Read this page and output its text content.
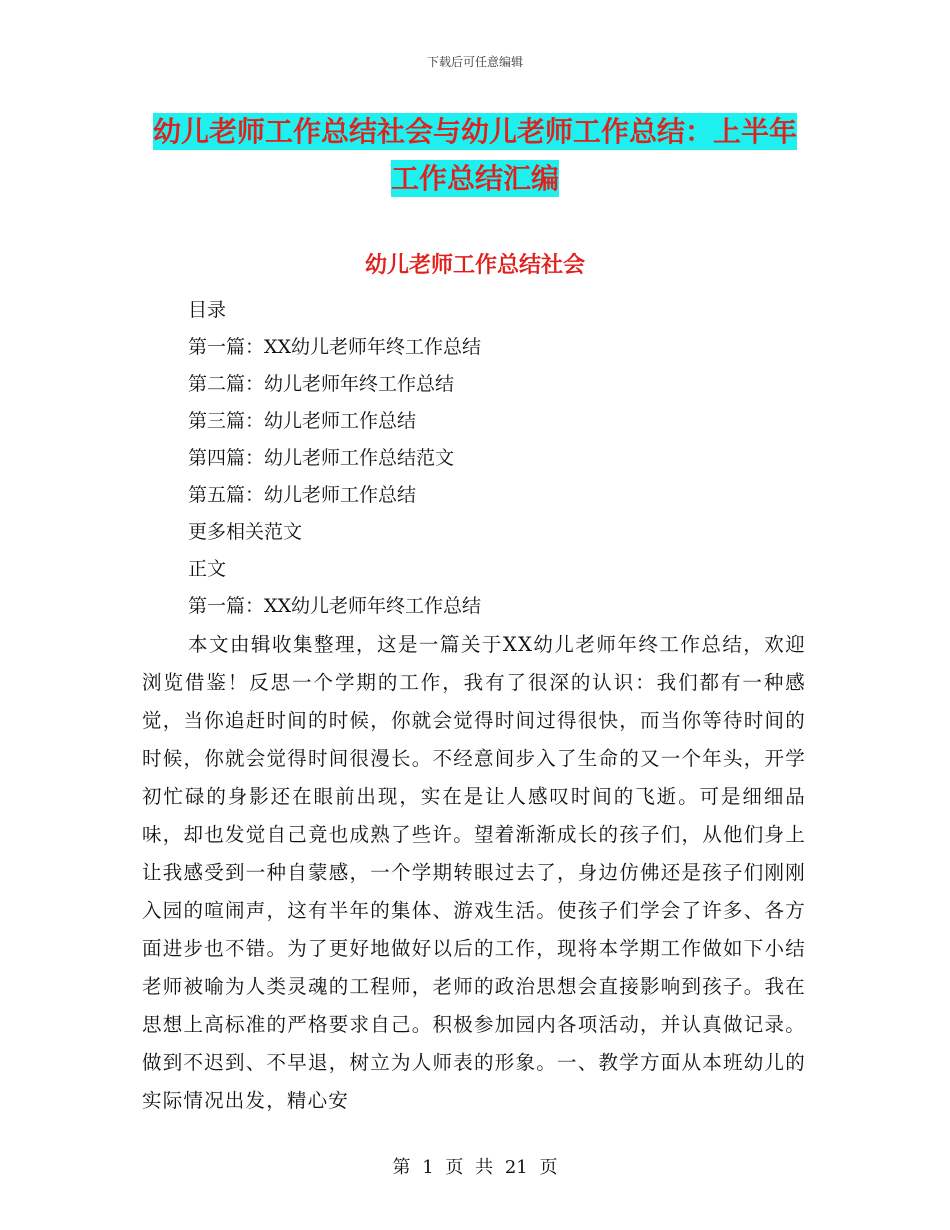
下载后可任意编辑
幼儿老师工作总结社会与幼儿老师工作总结：上半年工作总结汇编
幼儿老师工作总结社会
目录
第一篇：XX幼儿老师年终工作总结
第二篇：幼儿老师年终工作总结
第三篇：幼儿老师工作总结
第四篇：幼儿老师工作总结范文
第五篇：幼儿老师工作总结
更多相关范文
正文
第一篇：XX幼儿老师年终工作总结

本文由辑收集整理，这是一篇关于XX幼儿老师年终工作总结，欢迎浏览借鉴！反思一个学期的工作，我有了很深的认识：我们都有一种感觉，当你追赶时间的时候，你就会觉得时间过得很快，而当你等待时间的时候，你就会觉得时间很漫长。不经意间步入了生命的又一个年头，开学初忙碌的身影还在眼前出现，实在是让人感叹时间的飞逝。可是细细品味，却也发觉自己竟也成熟了些许。望着渐渐成长的孩子们，从他们身上让我感受到一种自蒙感，一个学期转眼过去了，身边仿佛还是孩子们刚刚入园的喧闹声，这有半年的集体、游戏生活。使孩子们学会了许多、各方面进步也不错。为了更好地做好以后的工作，现将本学期工作做如下小结老师被喻为人类灵魂的工程师，老师的政治思想会直接影响到孩子。我在思想上高标准的严格要求自己。积极参加园内各项活动，并认真做记录。做到不迟到、不早退，树立为人师表的形象。一、教学方面从本班幼儿的实际情况出发，精心安

第 1 页 共 21 页
